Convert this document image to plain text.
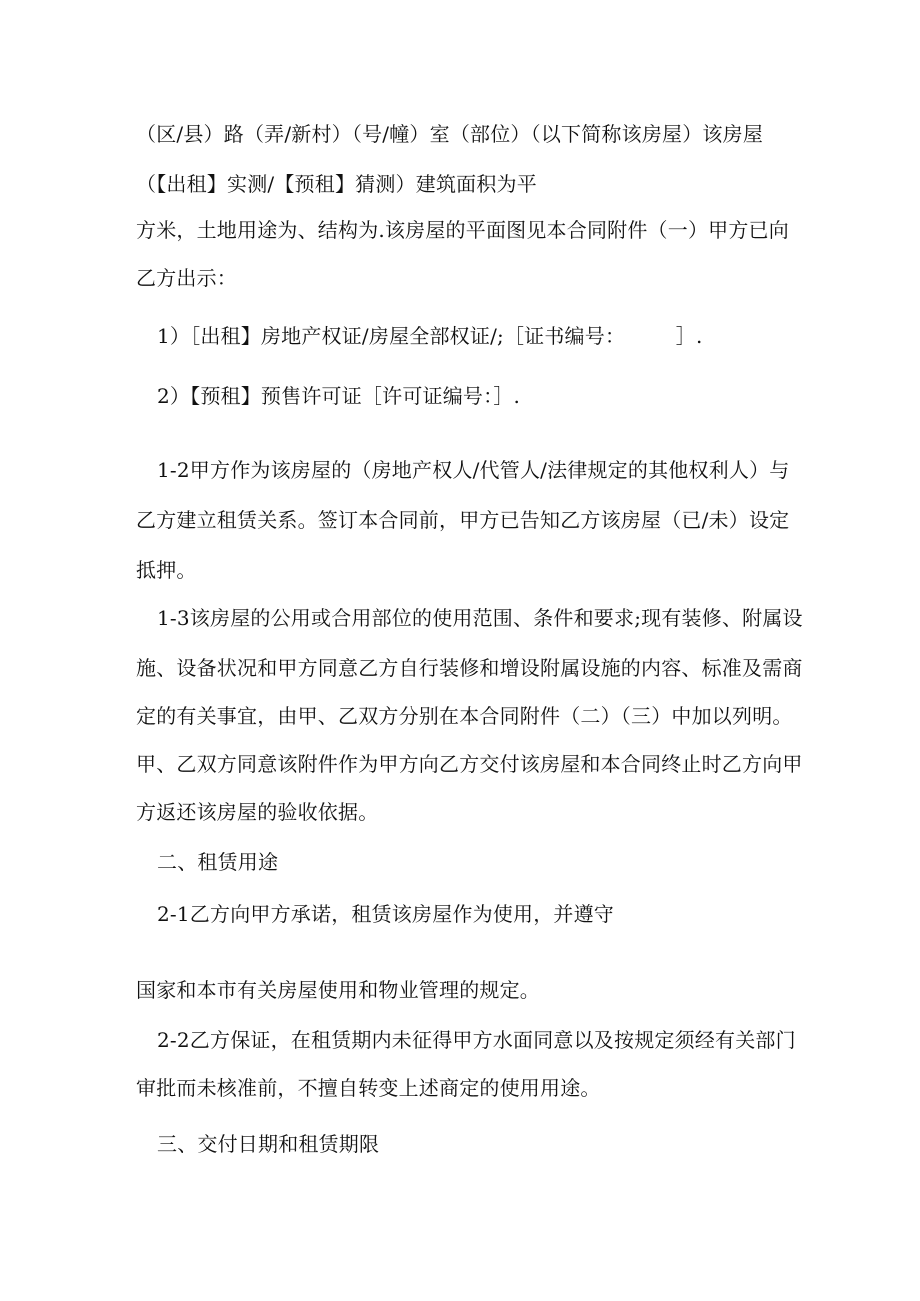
（区/县）路（弄/新村）（号/幢）室（部位）（以下简称该房屋）该房屋
（【出租】实测/【预租】猜测）建筑面积为平
方米，土地用途为、结构为.该房屋的平面图见本合同附件（一）甲方已向
乙方出示：
1）［出租】房地产权证/房屋全部权证/;［证书编号：　　　］.
2）【预租】预售许可证［许可证编号：］.
1-2甲方作为该房屋的（房地产权人/代管人/法律规定的其他权利人）与
乙方建立租赁关系。签订本合同前，甲方已告知乙方该房屋（已/未）设定
抵押。
1-3该房屋的公用或合用部位的使用范围、条件和要求;现有装修、附属设
施、设备状况和甲方同意乙方自行装修和增设附属设施的内容、标准及需商
定的有关事宜，由甲、乙双方分别在本合同附件（二）（三）中加以列明。
甲、乙双方同意该附件作为甲方向乙方交付该房屋和本合同终止时乙方向甲
方返还该房屋的验收依据。
二、租赁用途
2-1乙方向甲方承诺，租赁该房屋作为使用，并遵守
国家和本市有关房屋使用和物业管理的规定。
2-2乙方保证，在租赁期内未征得甲方水面同意以及按规定须经有关部门
审批而未核准前，不擅自转变上述商定的使用用途。
三、交付日期和租赁期限
